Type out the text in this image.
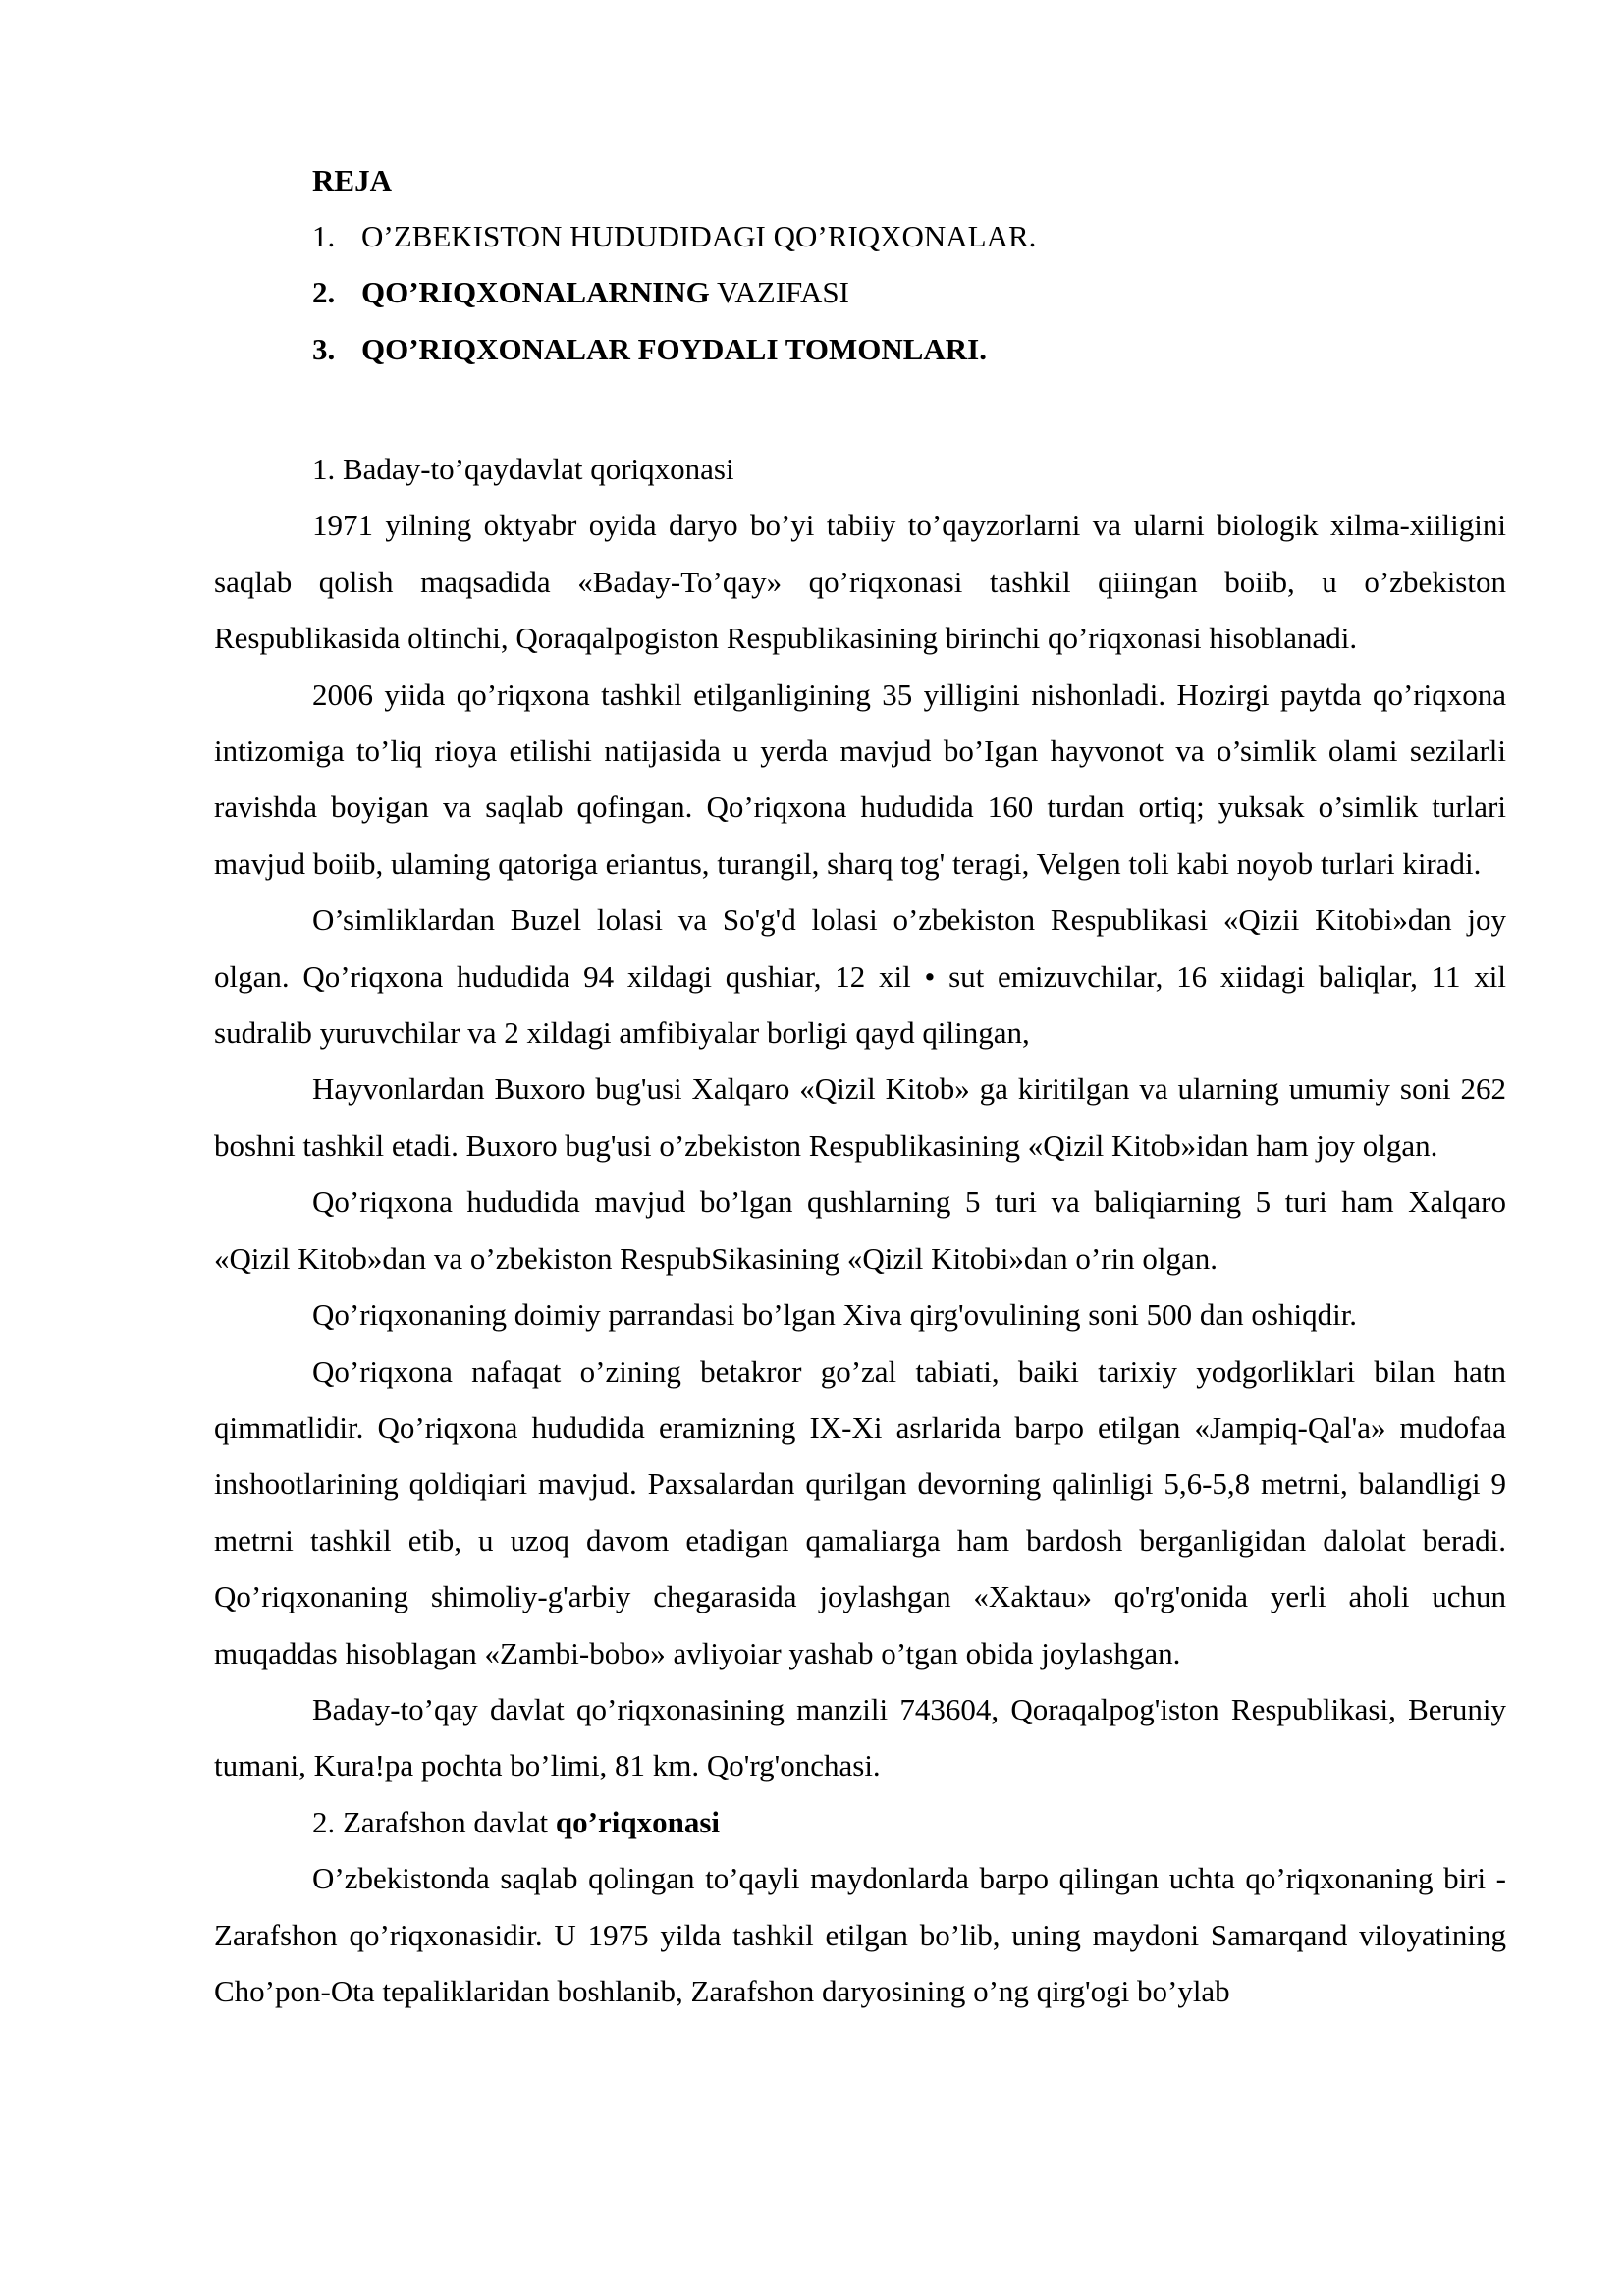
REJA
1. O’ZBEKISTON HUDUDIDAGI QO’RIQXONALAR.
2. QO’RIQXONALARNING VAZIFASI
3. QO’RIQXONALAR FOYDALI TOMONLARI.

1. Baday-to’qaydavlat qoriqxonasi

1971 yilning oktyabr oyida daryo bo’yi tabiiy to’qayzorlarni va ularni biologik xilma-xiiligini saqlab qolish maqsadida «Baday-To’qay» qo’riqxonasi tashkil qiiingan boiib, u o’zbekiston Respublikasida oltinchi, Qoraqalpogiston Respublikasining birinchi qo’riqxonasi hisoblanadi.

2006 yiida qo’riqxona tashkil etilganligining 35 yilligini nishonladi. Hozirgi paytda qo’riqxona intizomiga to’liq rioya etilishi natijasida u yerda mavjud bo’Igan hayvonot va o’simlik olami sezilarli ravishda boyigan va saqlab qofingan. Qo’riqxona hududida 160 turdan ortiq; yuksak o’simlik turlari mavjud boiib, ulaming qatoriga eriantus, turangil, sharq tog' teragi, Velgen toli kabi noyob turlari kiradi.

O’simliklardan Buzel lolasi va So'g'd lolasi o’zbekiston Respublikasi «Qizii Kitobi»dan joy olgan. Qo’riqxona hududida 94 xildagi qushiar, 12 xil • sut emizuvchilar, 16 xiidagi baliqlar, 11 xil sudralib yuruvchilar va 2 xildagi amfibiyalar borligi qayd qilingan,

Hayvonlardan Buxoro bug'usi Xalqaro «Qizil Kitob» ga kiritilgan va ularning umumiy soni 262 boshni tashkil etadi. Buxoro bug'usi o’zbekiston Respublikasining «Qizil Kitob»idan ham joy olgan.

Qo’riqxona hududida mavjud bo’lgan qushlarning 5 turi va baliqiarning 5 turi ham Xalqaro «Qizil Kitob»dan va o’zbekiston RespubSikasining «Qizil Kitobi»dan o’rin olgan.

Qo’riqxonaning doimiy parrandasi bo’lgan Xiva qirg'ovulining soni 500 dan oshiqdir.

Qo’riqxona nafaqat o’zining betakror go’zal tabiati, baiki tarixiy yodgorliklari bilan hatn qimmatlidir. Qo’riqxona hududida eramizning IX-Xi asrlarida barpo etilgan «Jampiq-Qal'a» mudofaa inshootlarining qoldiqiari mavjud. Paxsalardan qurilgan devorning qalinligi 5,6-5,8 metrni, balandligi 9 metrni tashkil etib, u uzoq davom etadigan qamaliarga ham bardosh berganligidan dalolat beradi. Qo’riqxonaning shimoliy-g'arbiy chegarasida joylashgan «Xaktau» qo'rg'onida yerli aholi uchun muqaddas hisoblagan «Zambi-bobo» avliyoiar yashab o’tgan obida joylashgan.

Baday-to’qay davlat qo’riqxonasining manzili 743604, Qoraqalpog'iston Respublikasi, Beruniy tumani, Kura!pa pochta bo’limi, 81 km. Qo'rg'onchasi.

2. Zarafshon davlat qo’riqxonasi

O’zbekistonda saqlab qolingan to’qayli maydonlarda barpo qilingan uchta qo’riqxonaning biri - Zarafshon qo’riqxonasidir. U 1975 yilda tashkil etilgan bo’lib, uning maydoni Samarqand viloyatining Cho’pon-Ota tepaliklaridan boshlanib, Zarafshon daryosining o’ng qirg'ogi bo’ylab
